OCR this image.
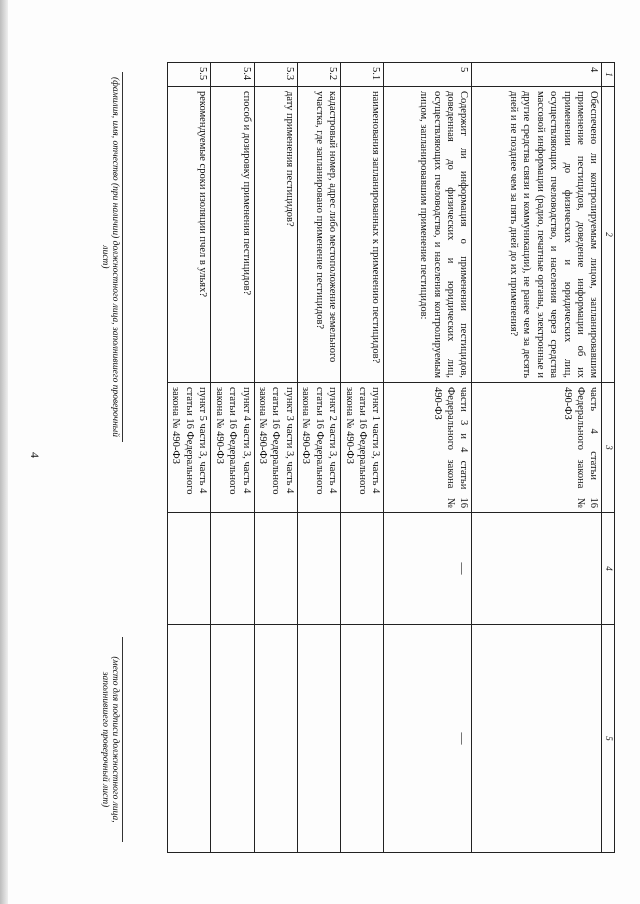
4
1	2	3	4	5
4	Обеспечено ли контролируемым лицом, запланировавшим применение пестицидов, доведение информации об их применении до физических и юридических лиц, осуществляющих пчеловодство, и населения через средства массовой информации (радио, печатные органы, электронные и другие средства связи и коммуникации), не ранее чем за десять дней и не позднее чем за пять дней до их применения?	часть 4 статьи 16 Федерального закона № 490-ФЗ		
5	Содержит ли информация о применении пестицидов, доведенная до физических и юридических лиц, осуществляющих пчеловодство, и населения контролируемым лицом, запланировавшим применение пестицидов:	части 3 и 4 статьи 16 Федерального закона № 490-ФЗ	—	—
5.1	наименования запланированных к применению пестицидов?	пункт 1 части 3, часть 4 статьи 16 Федерального закона № 490-ФЗ		
5.2	кадастровый номер, адрес либо местоположение земельного участка, где запланировано применение пестицидов?	пункт 2 части 3, часть 4 статьи 16 Федерального закона № 490-ФЗ		
5.3	дату применения пестицидов?	пункт 3 части 3, часть 4 статьи 16 Федерального закона № 490-ФЗ		
5.4	способ и дозировку применения пестицидов?	пункт 4 части 3, часть 4 статьи 16 Федерального закона № 490-ФЗ		
5.5	рекомендуемые сроки изоляции пчел в ульях?	пункт 5 части 3, часть 4 статьи 16 Федерального закона № 490-ФЗ		
(фамилия, имя, отчество (при наличии) должностного лица, заполнившего проверочный лист)
(место для подписи должностного лица, заполнившего проверочный лист)
